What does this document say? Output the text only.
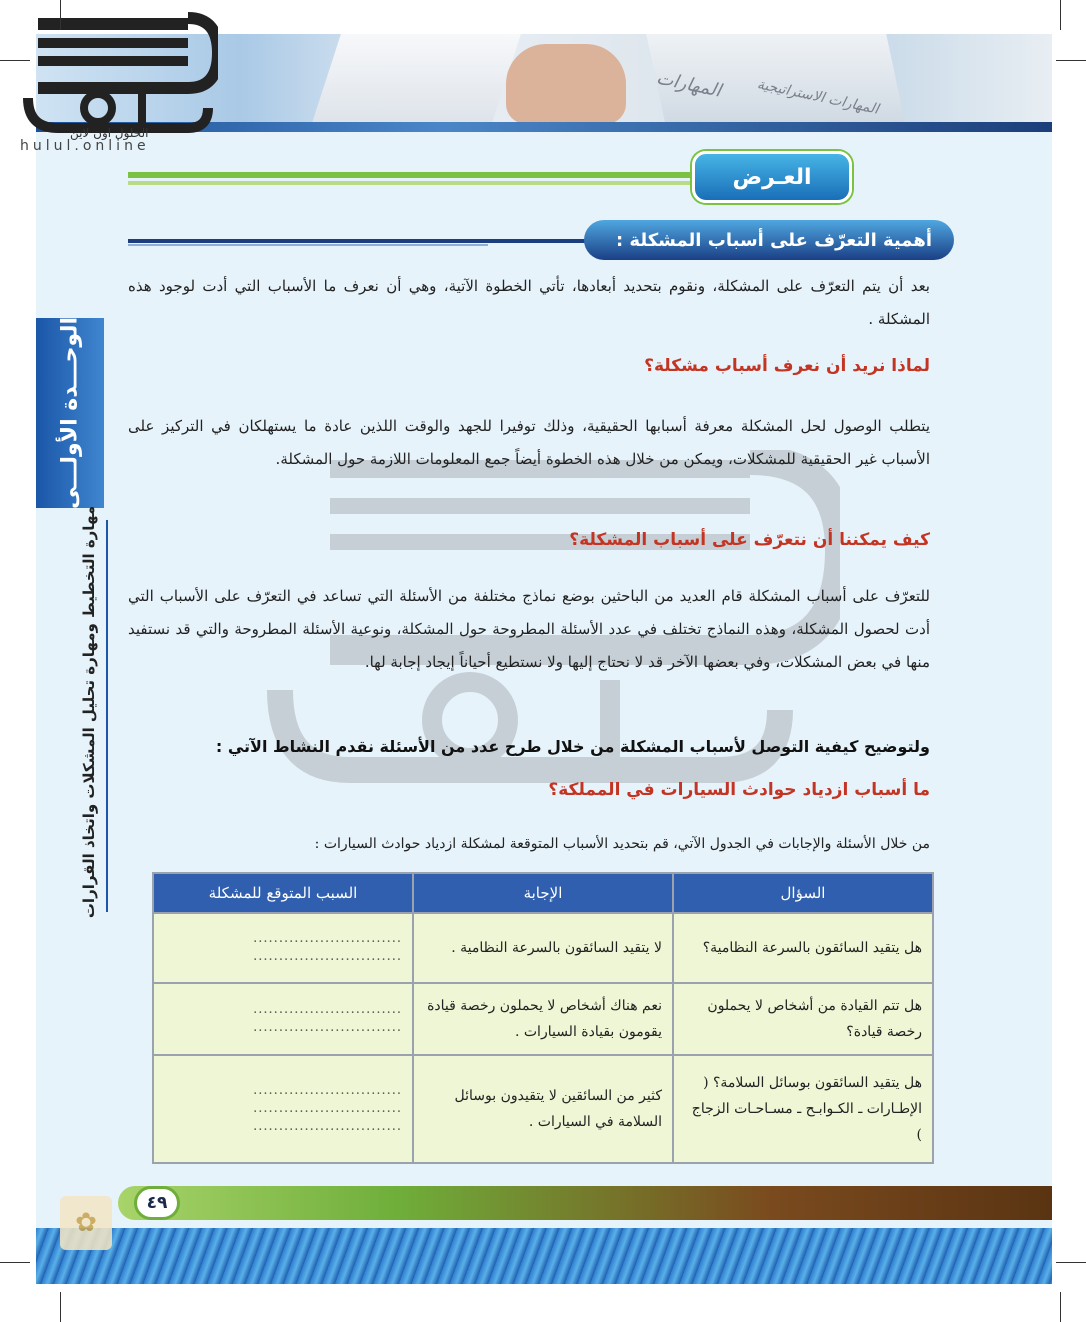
المهارات المهارات الاستراتيجية
الحلول اون لاين
hulul.online
العـرض
أهمية التعرّف على أسباب المشكلة :
بعد أن يتم التعرّف على المشكلة، ونقوم بتحديد أبعادها، تأتي الخطوة الآتية، وهي أن نعرف ما الأسباب التي أدت لوجود هذه المشكلة .
لماذا نريد أن نعرف أسباب مشكلة؟
يتطلب الوصول لحل المشكلة معرفة أسبابها الحقيقية، وذلك توفيرا للجهد والوقت اللذين عادة ما يستهلكان في التركيز على الأسباب غير الحقيقية للمشكلات، ويمكن من خلال هذه الخطوة أيضاً جمع المعلومات اللازمة حول المشكلة.
كيف يمكننا أن نتعرّف على أسباب المشكلة؟
للتعرّف على أسباب المشكلة قام العديد من الباحثين بوضع نماذج مختلفة من الأسئلة التي تساعد في التعرّف على الأسباب التي أدت لحصول المشكلة، وهذه النماذج تختلف في عدد الأسئلة المطروحة حول المشكلة، ونوعية الأسئلة المطروحة والتي قد نستفيد منها في بعض المشكلات، وفي بعضها الآخر قد لا نحتاج إليها ولا نستطيع أحياناً إيجاد إجابة لها.
ولتوضيح كيفية التوصل لأسباب المشكلة من خلال طرح عدد من الأسئلة نقدم النشاط الآتي :
ما أسباب ازدياد حوادث السيارات في المملكة؟
من خلال الأسئلة والإجابات في الجدول الآتي، قم بتحديد الأسباب المتوقعة لمشكلة ازدياد حوادث السيارات :
الوحـــدة الأولـــى
مهارة التخطيط ومهارة تحليل المشكلات واتخاذ القرارات	السؤال	الإجابة	السبب المتوقع للمشكلة
هل يتقيد السائقون بالسرعة النظامية؟	لا يتقيد السائقون بالسرعة النظامية .	.............................
.............................

هل تتم القيادة من أشخاص لا يحملون رخصة قيادة؟	نعم هناك أشخاص لا يحملون رخصة قيادة يقومون بقيادة السيارات .	.............................
.............................

هل يتقيد السائقون بوسائل السلامة؟ ( الإطـارات ـ الكـوابـح ـ مسـاحـات الزجاج )	كثير من السائقين لا يتقيدون بوسائل السلامة في السيارات .	.............................
.............................
.............................
٤٩
✿
